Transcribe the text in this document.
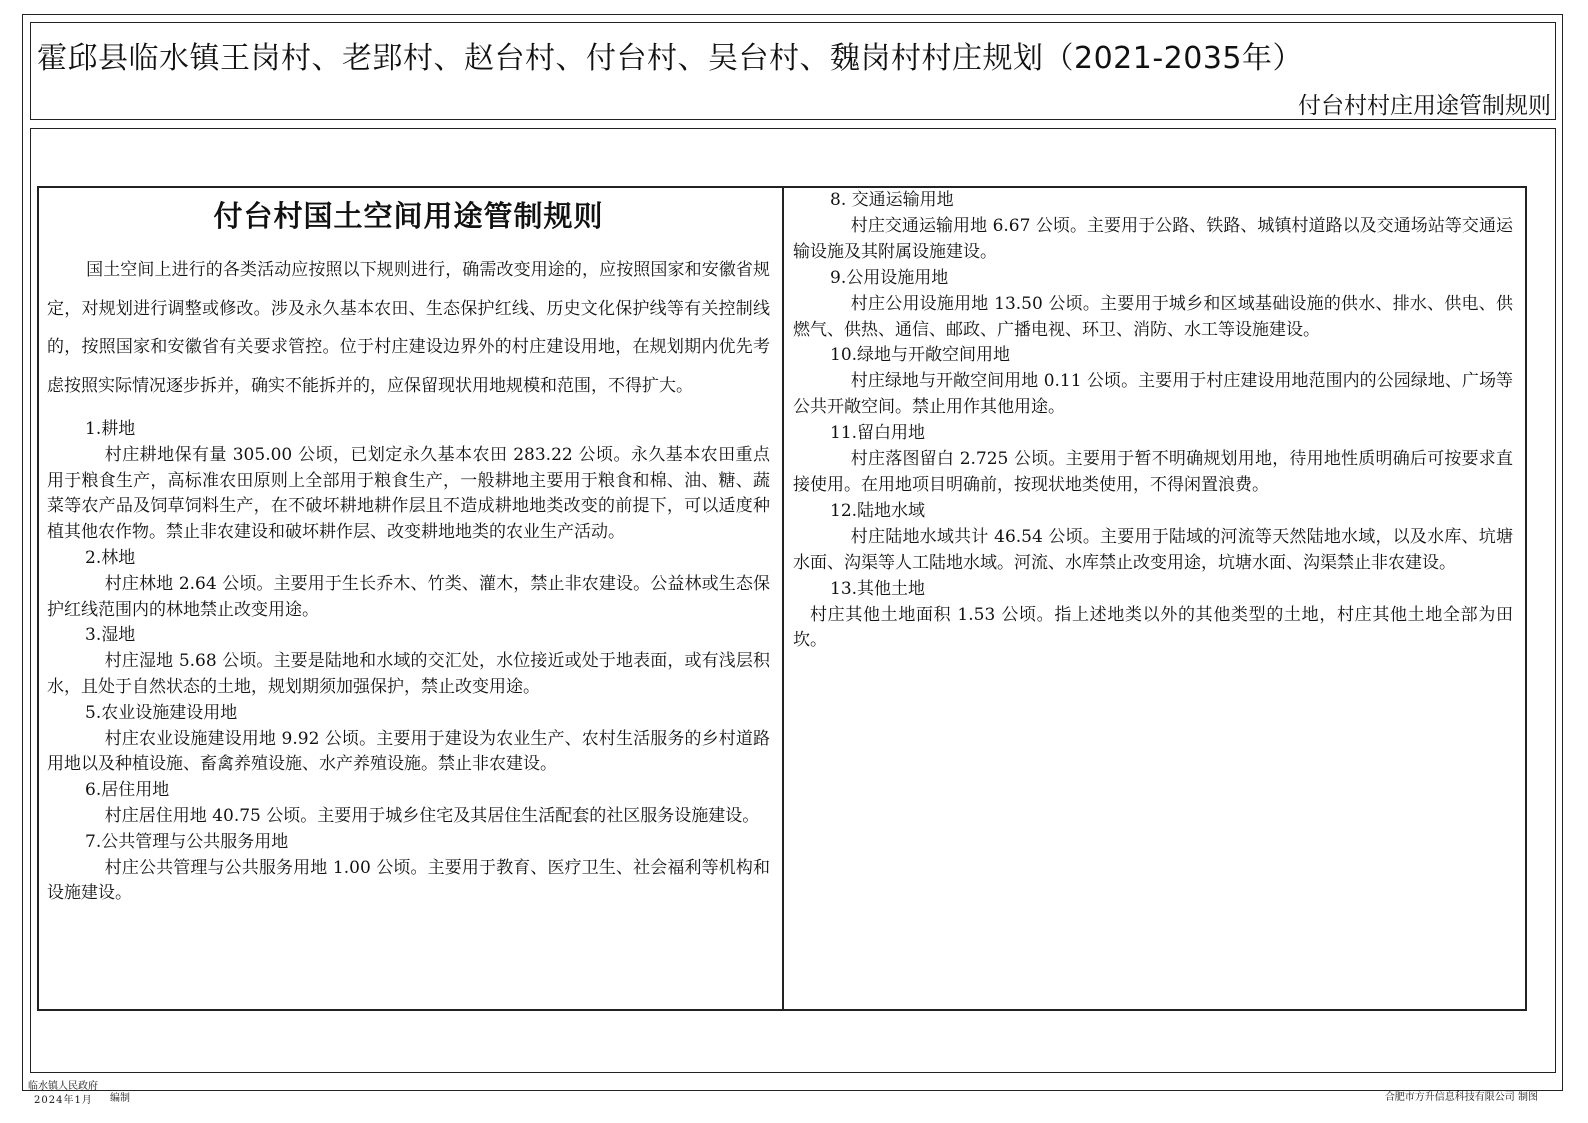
霍邱县临水镇王岗村、老郢村、赵台村、付台村、吴台村、魏岗村村庄规划（2021-2035年）
付台村村庄用途管制规则
付台村国土空间用途管制规则

国土空间上进行的各类活动应按照以下规则进行，确需改变用途的，应按照国家和安徽省规定，对规划进行调整或修改。涉及永久基本农田、生态保护红线、历史文化保护线等有关控制线的，按照国家和安徽省有关要求管控。位于村庄建设边界外的村庄建设用地，在规划期内优先考虑按照实际情况逐步拆并，确实不能拆并的，应保留现状用地规模和范围，不得扩大。

1.耕地

村庄耕地保有量 305.00 公顷，已划定永久基本农田 283.22 公顷。永久基本农田重点用于粮食生产，高标准农田原则上全部用于粮食生产，一般耕地主要用于粮食和棉、油、糖、蔬菜等农产品及饲草饲料生产，在不破坏耕地耕作层且不造成耕地地类改变的前提下，可以适度种植其他农作物。禁止非农建设和破坏耕作层、改变耕地地类的农业生产活动。

2.林地

村庄林地 2.64 公顷。主要用于生长乔木、竹类、灌木，禁止非农建设。公益林或生态保护红线范围内的林地禁止改变用途。

3.湿地

村庄湿地 5.68 公顷。主要是陆地和水域的交汇处，水位接近或处于地表面，或有浅层积水，且处于自然状态的土地，规划期须加强保护，禁止改变用途。

5.农业设施建设用地

村庄农业设施建设用地 9.92 公顷。主要用于建设为农业生产、农村生活服务的乡村道路用地以及种植设施、畜禽养殖设施、水产养殖设施。禁止非农建设。

6.居住用地

村庄居住用地 40.75 公顷。主要用于城乡住宅及其居住生活配套的社区服务设施建设。

7.公共管理与公共服务用地

村庄公共管理与公共服务用地 1.00 公顷。主要用于教育、医疗卫生、社会福利等机构和设施建设。

8. 交通运输用地

村庄交通运输用地 6.67 公顷。主要用于公路、铁路、城镇村道路以及交通场站等交通运输设施及其附属设施建设。

9.公用设施用地

村庄公用设施用地 13.50 公顷。主要用于城乡和区域基础设施的供水、排水、供电、供燃气、供热、通信、邮政、广播电视、环卫、消防、水工等设施建设。

10.绿地与开敞空间用地

村庄绿地与开敞空间用地 0.11 公顷。主要用于村庄建设用地范围内的公园绿地、广场等公共开敞空间。禁止用作其他用途。

11.留白用地

村庄落图留白 2.725 公顷。主要用于暂不明确规划用地，待用地性质明确后可按要求直接使用。在用地项目明确前，按现状地类使用，不得闲置浪费。

12.陆地水域

村庄陆地水域共计 46.54 公顷。主要用于陆域的河流等天然陆地水域，以及水库、坑塘水面、沟渠等人工陆地水域。河流、水库禁止改变用途，坑塘水面、沟渠禁止非农建设。

13.其他土地

村庄其他土地面积 1.53 公顷。指上述地类以外的其他类型的土地，村庄其他土地全部为田坎。

临水镇人民政府
2024年1月	编制	合肥市方升信息科技有限公司 制图
